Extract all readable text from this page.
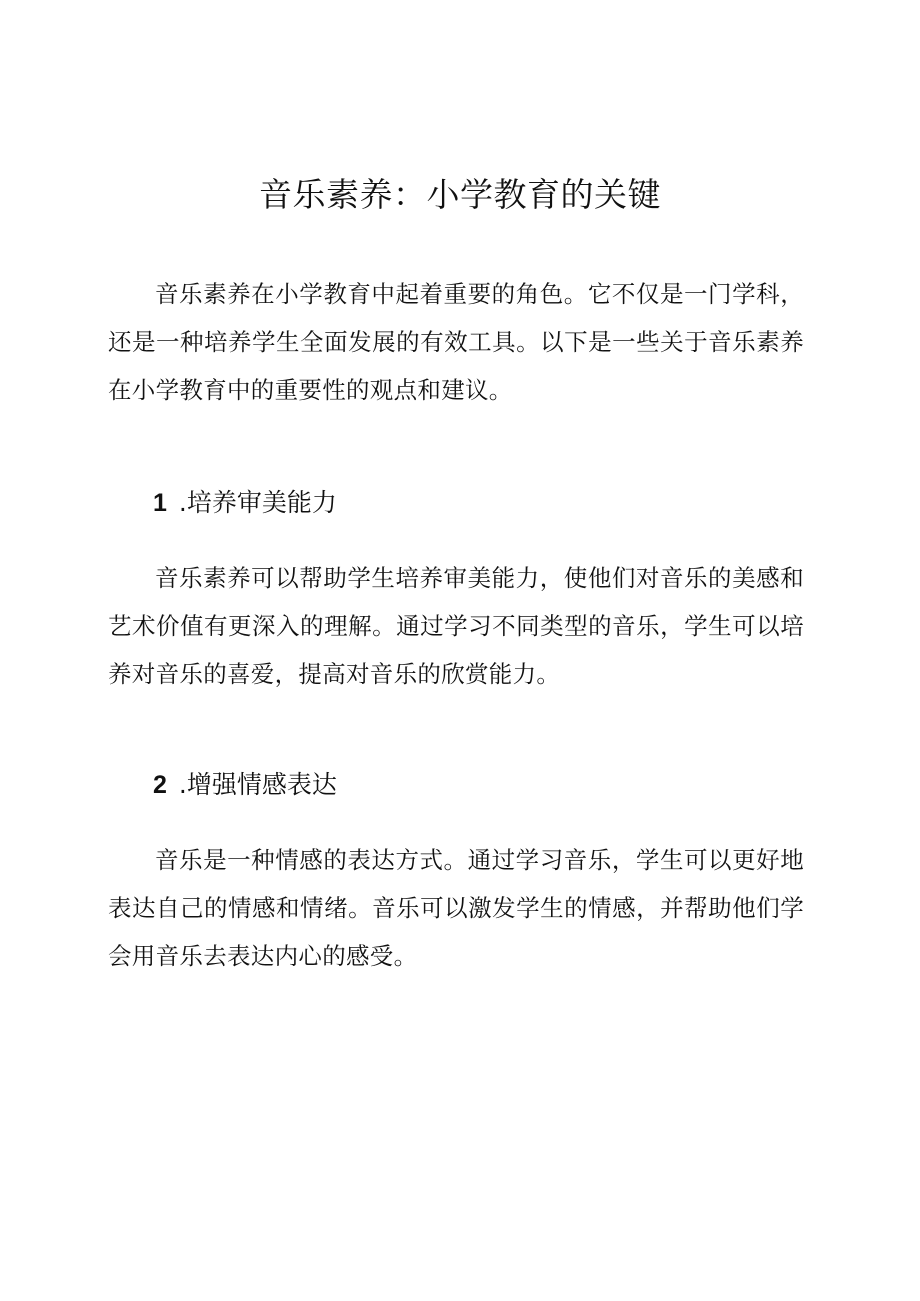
音乐素养：小学教育的关键

音乐素养在小学教育中起着重要的角色。它不仅是一门学科，还是一种培养学生全面发展的有效工具。以下是一些关于音乐素养在小学教育中的重要性的观点和建议。

1 .培养审美能力

音乐素养可以帮助学生培养审美能力，使他们对音乐的美感和艺术价值有更深入的理解。通过学习不同类型的音乐，学生可以培养对音乐的喜爱，提高对音乐的欣赏能力。

2 .增强情感表达

音乐是一种情感的表达方式。通过学习音乐，学生可以更好地表达自己的情感和情绪。音乐可以激发学生的情感，并帮助他们学会用音乐去表达内心的感受。
